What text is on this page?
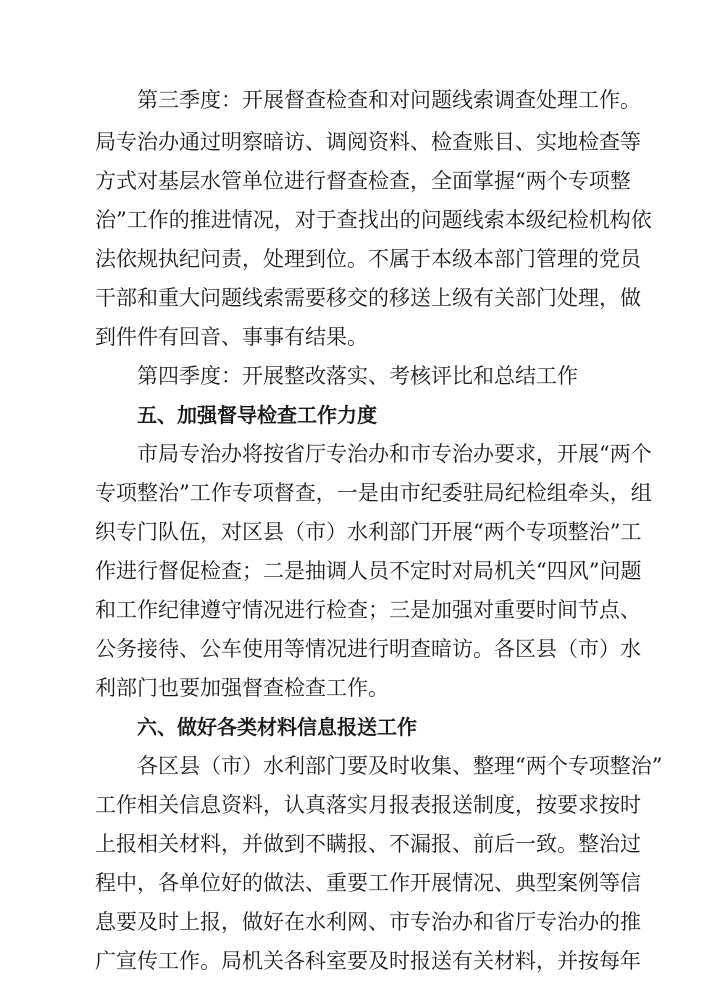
第三季度：开展督查检查和对问题线索调查处理工作。
局专治办通过明察暗访、调阅资料、检查账目、实地检查等
方式对基层水管单位进行督查检查，全面掌握“两个专项整
治”工作的推进情况，对于查找出的问题线索本级纪检机构依
法依规执纪问责，处理到位。不属于本级本部门管理的党员
干部和重大问题线索需要移交的移送上级有关部门处理，做
到件件有回音、事事有结果。
第四季度：开展整改落实、考核评比和总结工作
五、加强督导检查工作力度
市局专治办将按省厅专治办和市专治办要求，开展“两个
专项整治”工作专项督查，一是由市纪委驻局纪检组牵头，组
织专门队伍，对区县（市）水利部门开展“两个专项整治”工
作进行督促检查；二是抽调人员不定时对局机关“四风”问题
和工作纪律遵守情况进行检查；三是加强对重要时间节点、
公务接待、公车使用等情况进行明查暗访。各区县（市）水
利部门也要加强督查检查工作。
六、做好各类材料信息报送工作
各区县（市）水利部门要及时收集、整理“两个专项整治”
工作相关信息资料，认真落实月报表报送制度，按要求按时
上报相关材料，并做到不瞒报、不漏报、前后一致。整治过
程中，各单位好的做法、重要工作开展情况、典型案例等信
息要及时上报，做好在水利网、市专治办和省厅专治办的推
广宣传工作。局机关各科室要及时报送有关材料，并按每年
